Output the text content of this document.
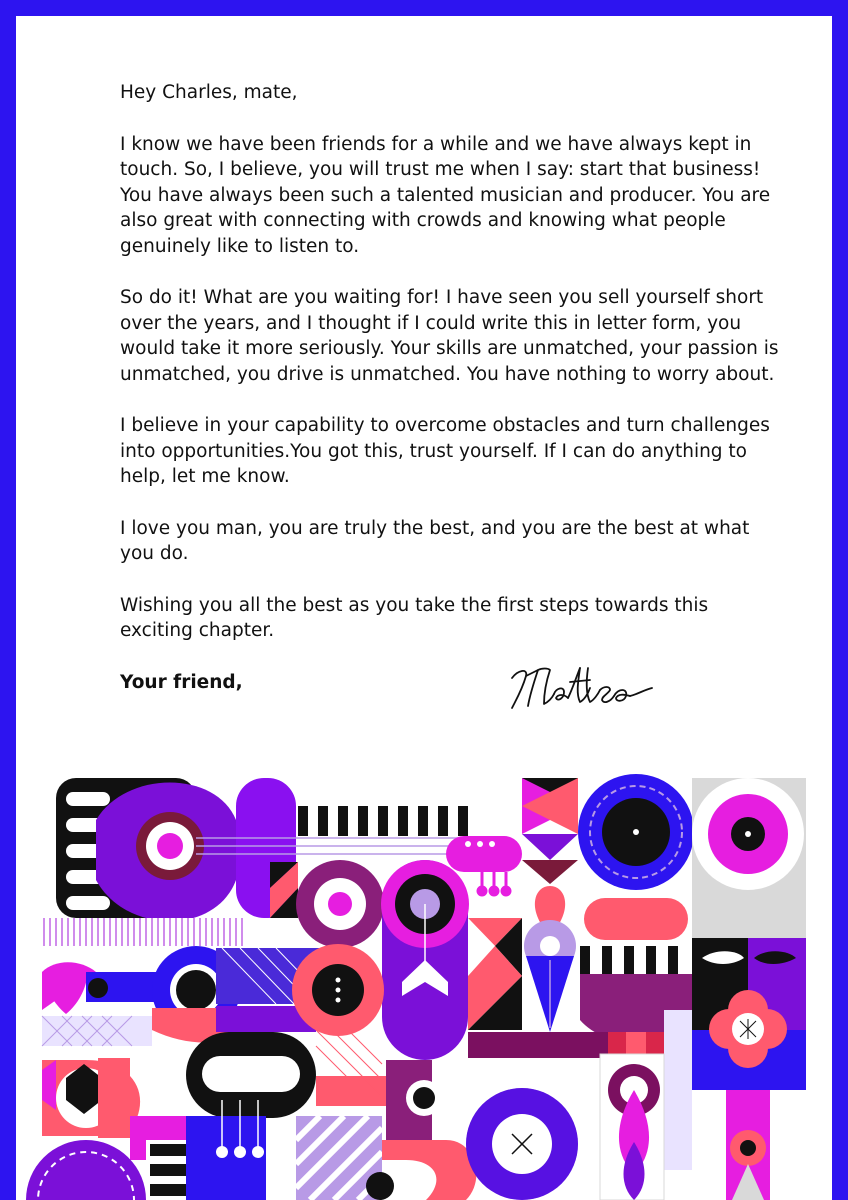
Hey Charles, mate,

I know we have been friends for a while and we have always kept in touch. So, I believe, you will trust me when I say: start that business! You have always been such a talented musician and producer. You are also great with connecting with crowds and knowing what people genuinely like to listen to.

So do it! What are you waiting for! I have seen you sell yourself short over the years, and I thought if I could write this in letter form, you would take it more seriously. Your skills are unmatched, your passion is unmatched, you drive is unmatched. You have nothing to worry about.

I believe in your capability to overcome obstacles and turn challenges into opportunities.You got this, trust yourself. If I can do anything to help, let me know.

I love you man, you are truly the best, and you are the best at what you do.

Wishing you all the best as you take the first steps towards this exciting chapter.

Your friend,
